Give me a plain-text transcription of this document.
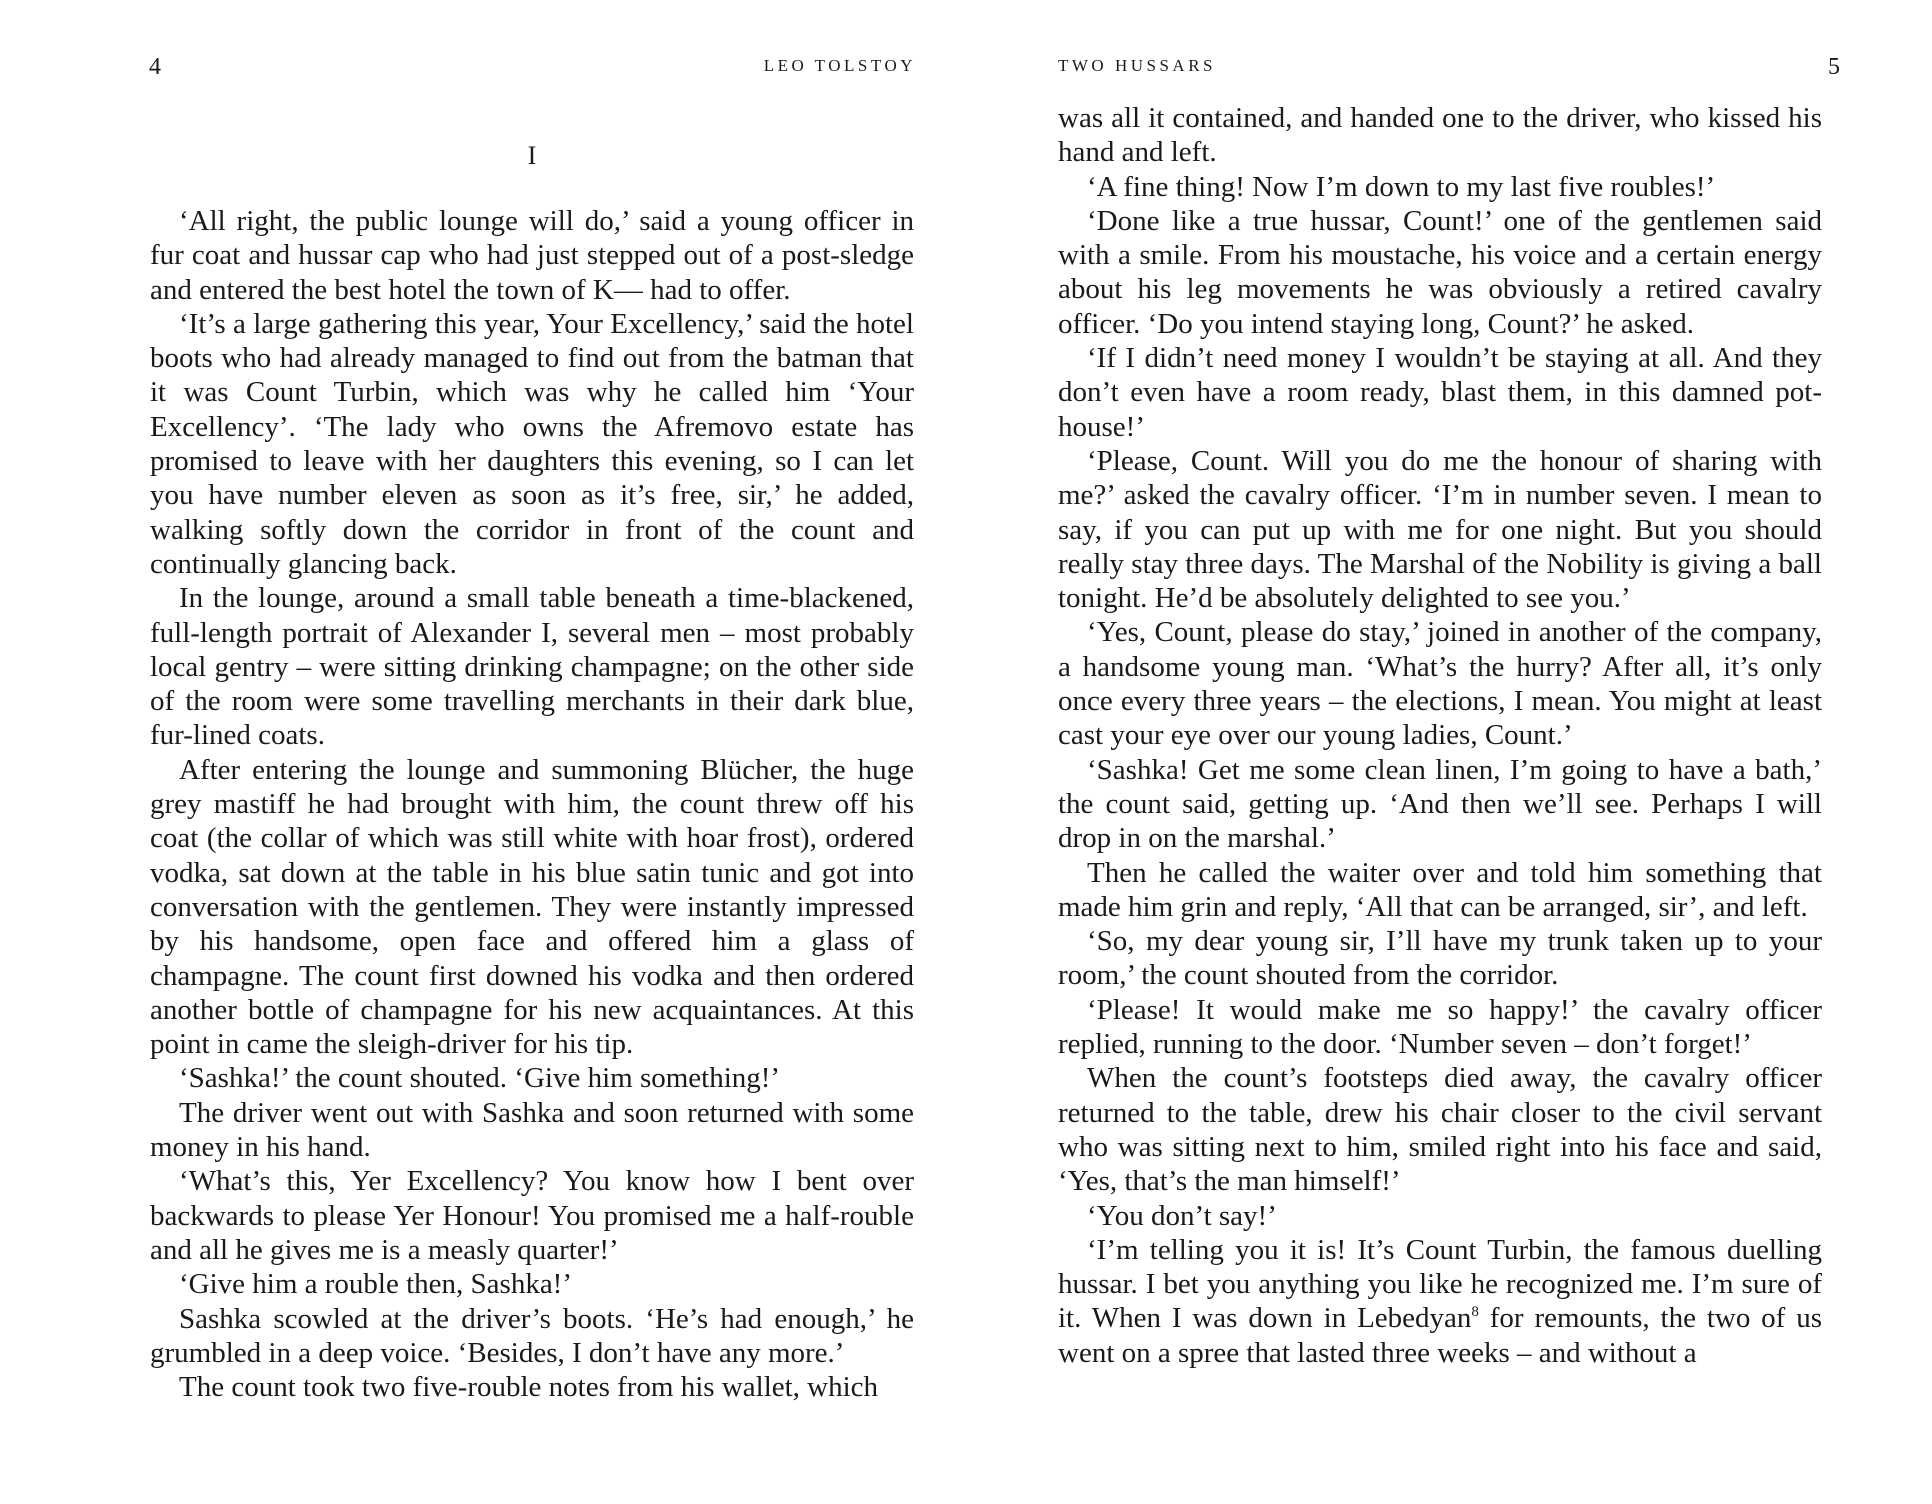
4	LEO TOLSTOY
I

‘All right, the public lounge will do,’ said a young officer in fur coat and hussar cap who had just stepped out of a post-sledge and entered the best hotel the town of K— had to offer.

‘It’s a large gathering this year, Your Excellency,’ said the hotel boots who had already managed to find out from the batman that it was Count Turbin, which was why he called him ‘Your Excellency’. ‘The lady who owns the Afremovo estate has promised to leave with her daughters this evening, so I can let you have number eleven as soon as it’s free, sir,’ he added, walking softly down the corridor in front of the count and continually glancing back.

In the lounge, around a small table beneath a time-blackened, full-length portrait of Alexander I, several men – most probably local gentry – were sitting drinking champagne; on the other side of the room were some travelling merchants in their dark blue, fur-lined coats.

After entering the lounge and summoning Blücher, the huge grey mastiff he had brought with him, the count threw off his coat (the collar of which was still white with hoar frost), ordered vodka, sat down at the table in his blue satin tunic and got into conversation with the gentlemen. They were instantly impressed by his handsome, open face and offered him a glass of champagne. The count first downed his vodka and then ordered another bottle of champagne for his new acquaintances. At this point in came the sleigh-driver for his tip.

‘Sashka!’ the count shouted. ‘Give him something!’

The driver went out with Sashka and soon returned with some money in his hand.

‘What’s this, Yer Excellency? You know how I bent over backwards to please Yer Honour! You promised me a half-rouble and all he gives me is a measly quarter!’

‘Give him a rouble then, Sashka!’

Sashka scowled at the driver’s boots. ‘He’s had enough,’ he grumbled in a deep voice. ‘Besides, I don’t have any more.’

The count took two five-rouble notes from his wallet, which

TWO HUSSARS	5

was all it contained, and handed one to the driver, who kissed his hand and left.

‘A fine thing! Now I’m down to my last five roubles!’

‘Done like a true hussar, Count!’ one of the gentlemen said with a smile. From his moustache, his voice and a certain energy about his leg movements he was obviously a retired cavalry officer. ‘Do you intend staying long, Count?’ he asked.

‘If I didn’t need money I wouldn’t be staying at all. And they don’t even have a room ready, blast them, in this damned pot-house!’

‘Please, Count. Will you do me the honour of sharing with me?’ asked the cavalry officer. ‘I’m in number seven. I mean to say, if you can put up with me for one night. But you should really stay three days. The Marshal of the Nobility is giving a ball tonight. He’d be absolutely delighted to see you.’

‘Yes, Count, please do stay,’ joined in another of the company, a handsome young man. ‘What’s the hurry? After all, it’s only once every three years – the elections, I mean. You might at least cast your eye over our young ladies, Count.’

‘Sashka! Get me some clean linen, I’m going to have a bath,’ the count said, getting up. ‘And then we’ll see. Perhaps I will drop in on the marshal.’

Then he called the waiter over and told him something that made him grin and reply, ‘All that can be arranged, sir’, and left.

‘So, my dear young sir, I’ll have my trunk taken up to your room,’ the count shouted from the corridor.

‘Please! It would make me so happy!’ the cavalry officer replied, running to the door. ‘Number seven – don’t forget!’

When the count’s footsteps died away, the cavalry officer returned to the table, drew his chair closer to the civil servant who was sitting next to him, smiled right into his face and said, ‘Yes, that’s the man himself!’

‘You don’t say!’

‘I’m telling you it is! It’s Count Turbin, the famous duelling hussar. I bet you anything you like he recognized me. I’m sure of it. When I was down in Lebedyan$^8$ for remounts, the two of us went on a spree that lasted three weeks – and without a
